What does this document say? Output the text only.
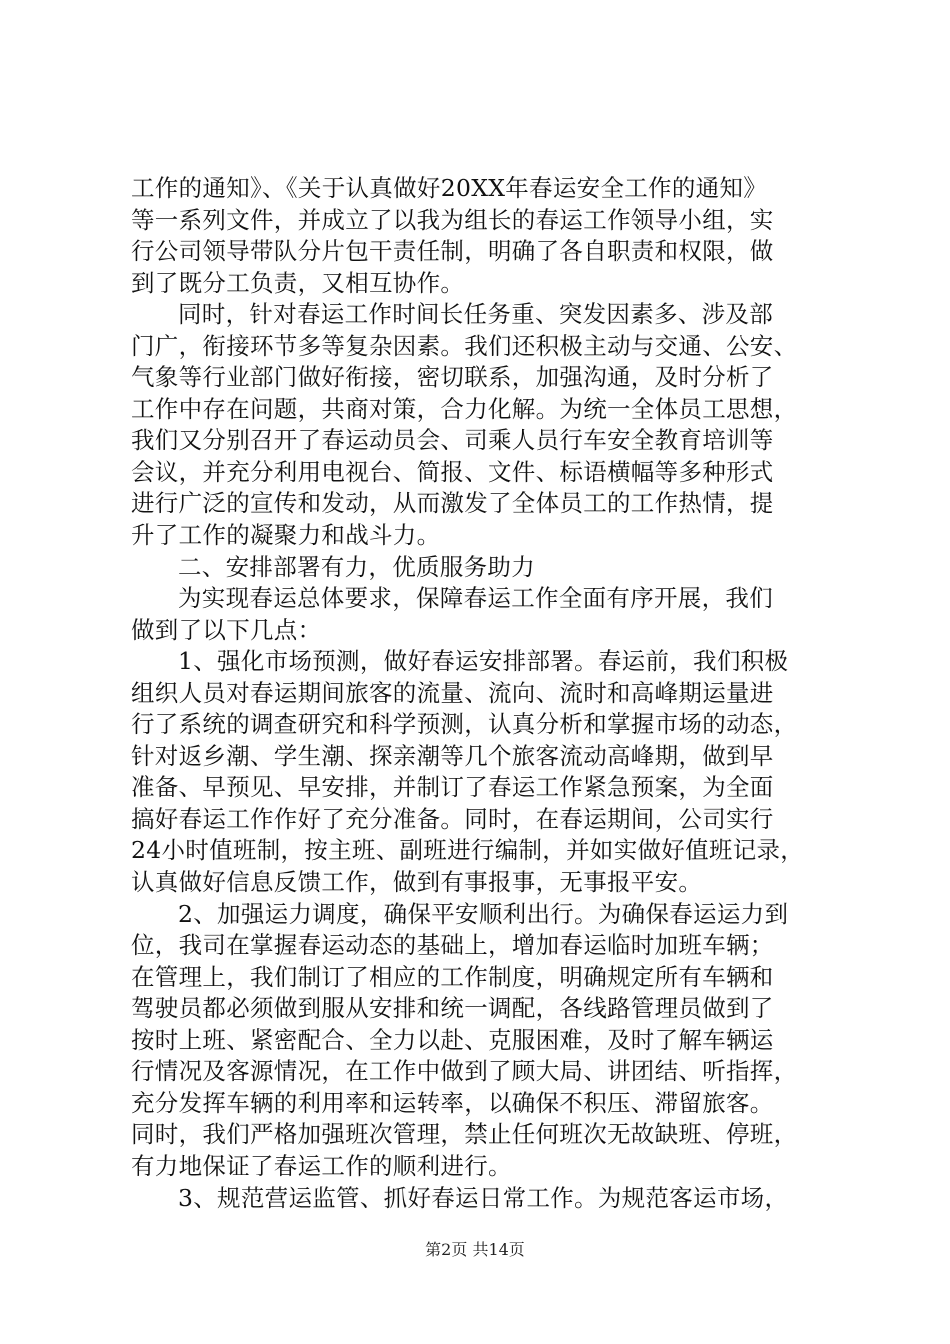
工作的通知》、《关于认真做好20XX年春运安全工作的通知》
等一系列文件，并成立了以我为组长的春运工作领导小组，实
行公司领导带队分片包干责任制，明确了各自职责和权限，做
到了既分工负责，又相互协作。
同时，针对春运工作时间长任务重、突发因素多、涉及部
门广，衔接环节多等复杂因素。我们还积极主动与交通、公安、
气象等行业部门做好衔接，密切联系，加强沟通，及时分析了
工作中存在问题，共商对策，合力化解。为统一全体员工思想，
我们又分别召开了春运动员会、司乘人员行车安全教育培训等
会议，并充分利用电视台、简报、文件、标语横幅等多种形式
进行广泛的宣传和发动，从而激发了全体员工的工作热情，提
升了工作的凝聚力和战斗力。
二、安排部署有力，优质服务助力
为实现春运总体要求，保障春运工作全面有序开展，我们
做到了以下几点：
1、强化市场预测，做好春运安排部署。春运前，我们积极
组织人员对春运期间旅客的流量、流向、流时和高峰期运量进
行了系统的调查研究和科学预测，认真分析和掌握市场的动态，
针对返乡潮、学生潮、探亲潮等几个旅客流动高峰期，做到早
准备、早预见、早安排，并制订了春运工作紧急预案，为全面
搞好春运工作作好了充分准备。同时，在春运期间，公司实行
24小时值班制，按主班、副班进行编制，并如实做好值班记录，
认真做好信息反馈工作，做到有事报事，无事报平安。
2、加强运力调度，确保平安顺利出行。为确保春运运力到
位，我司在掌握春运动态的基础上，增加春运临时加班车辆；
在管理上，我们制订了相应的工作制度，明确规定所有车辆和
驾驶员都必须做到服从安排和统一调配，各线路管理员做到了
按时上班、紧密配合、全力以赴、克服困难，及时了解车辆运
行情况及客源情况，在工作中做到了顾大局、讲团结、听指挥，
充分发挥车辆的利用率和运转率，以确保不积压、滞留旅客。
同时，我们严格加强班次管理，禁止任何班次无故缺班、停班，
有力地保证了春运工作的顺利进行。
3、规范营运监管、抓好春运日常工作。为规范客运市场，
第2页 共14页
